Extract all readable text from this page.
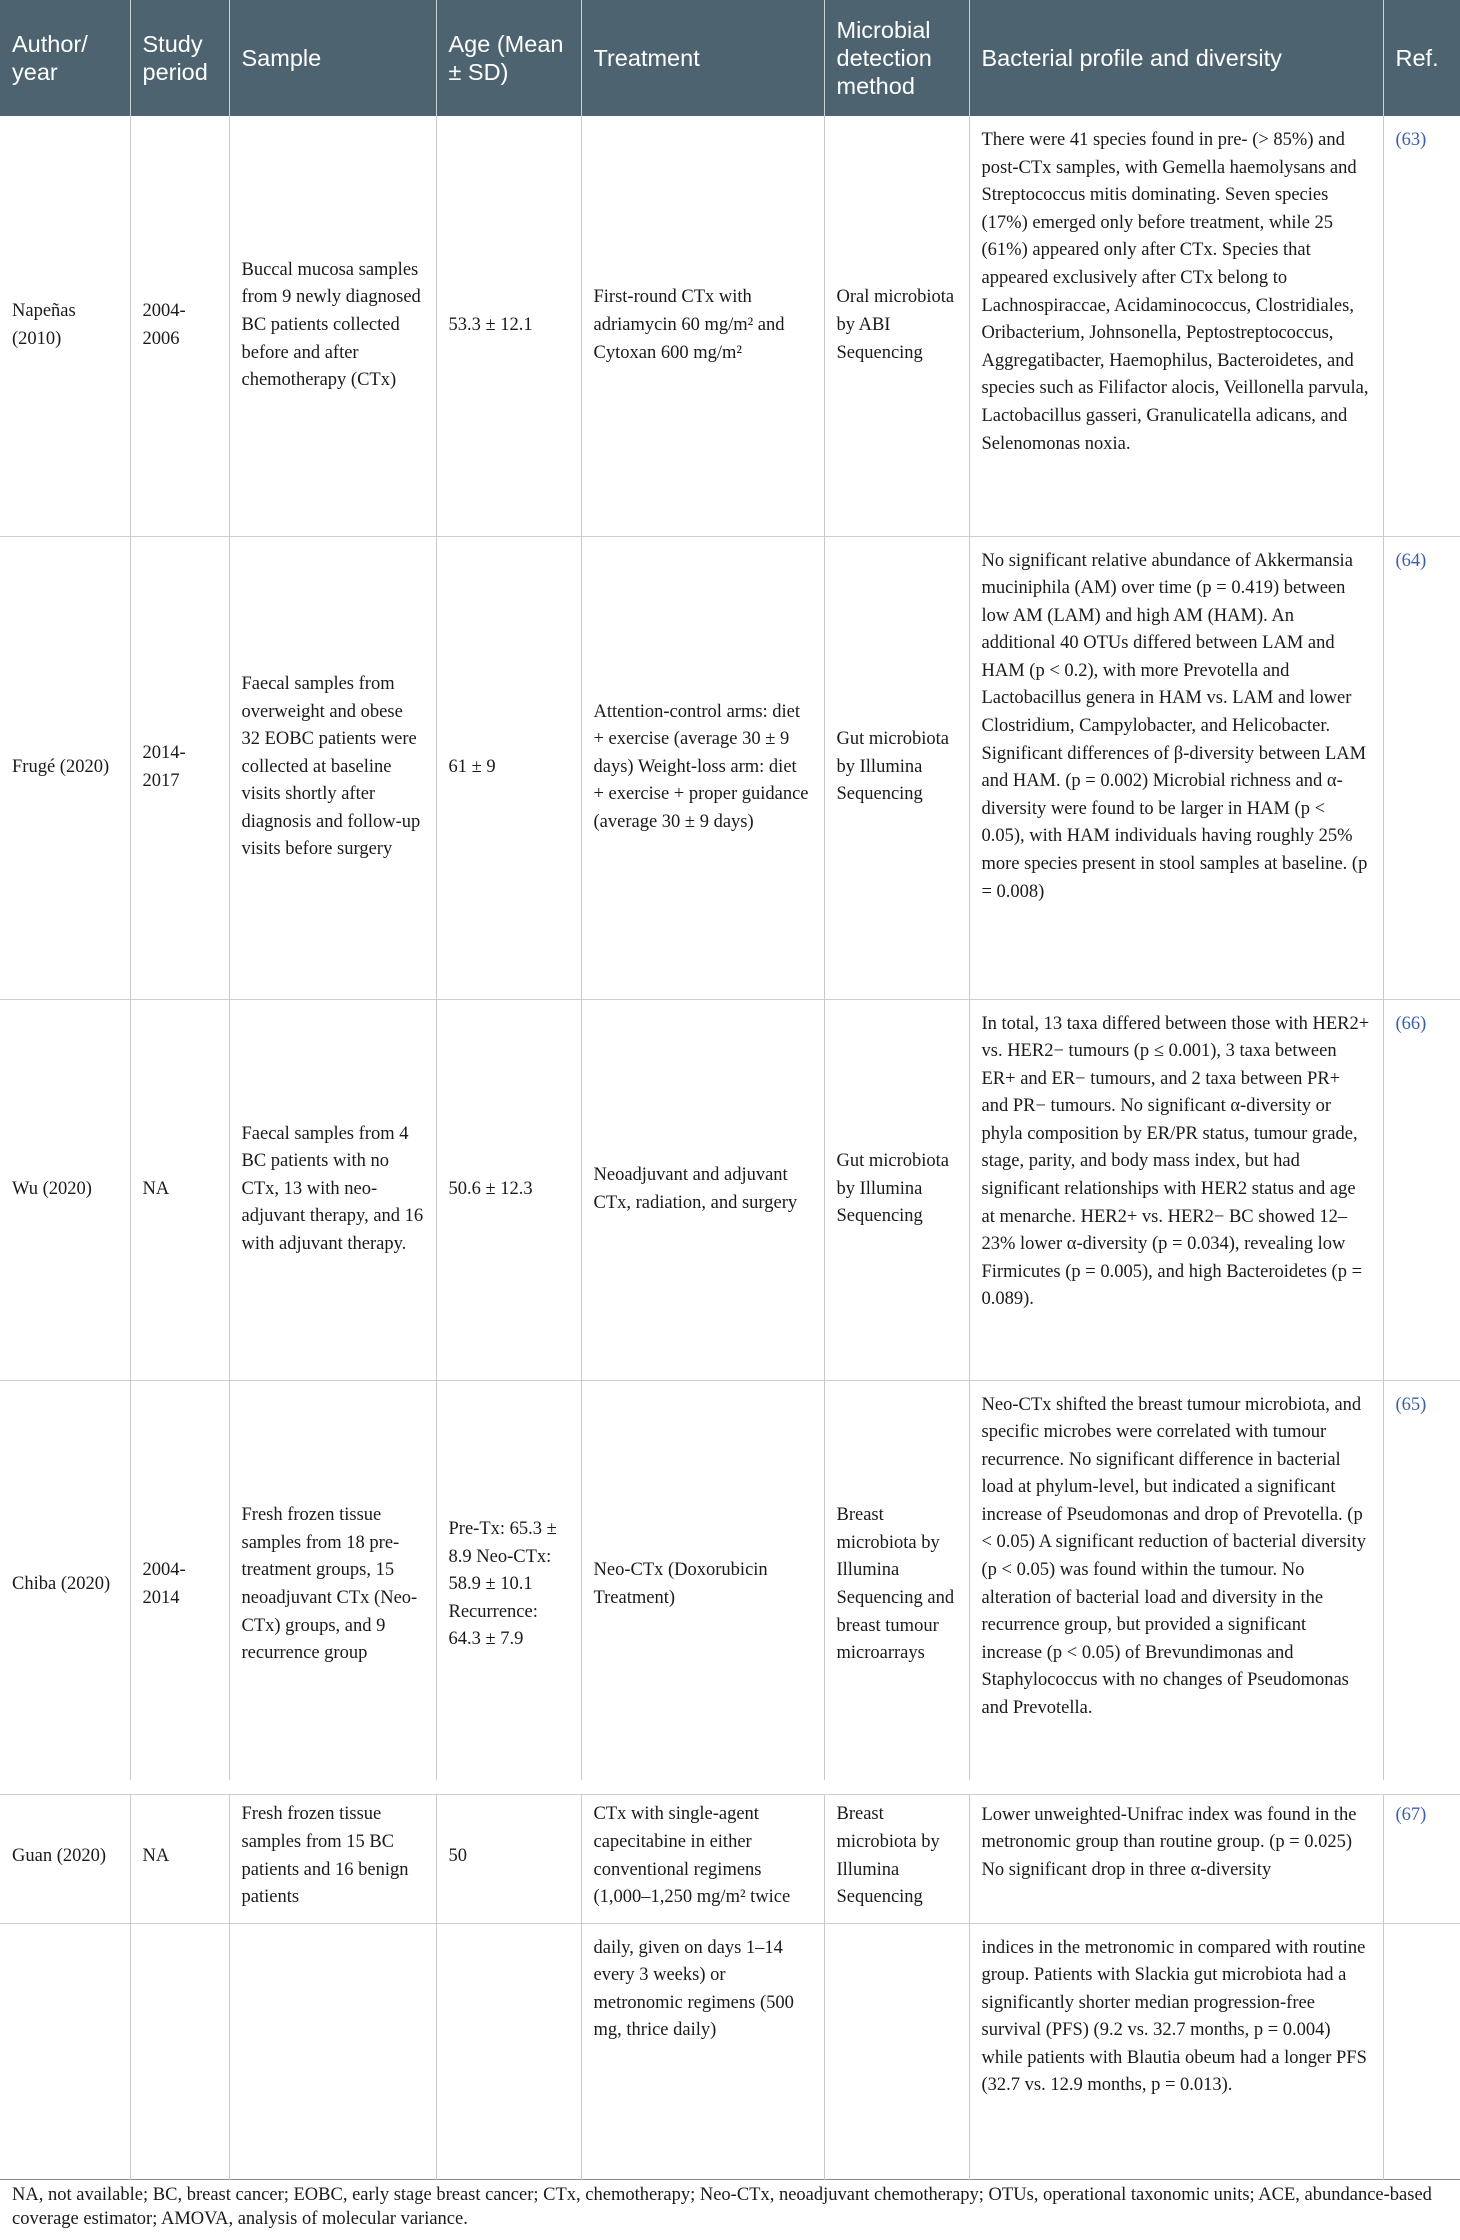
Author/ year	Study period	Sample	Age (Mean ± SD)	Treatment	Microbial detection method	Bacterial profile and diversity	Ref.
Napeñas (2010)	2004-2006	Buccal mucosa samples from 9 newly diagnosed BC patients collected before and after chemotherapy (CTx)	53.3 ± 12.1	First-round CTx with adriamycin 60 mg/m² and Cytoxan 600 mg/m²	Oral microbiota by ABI Sequencing	There were 41 species found in pre- (> 85%) and post-CTx samples, with Gemella haemolysans and Streptococcus mitis dominating. Seven species (17%) emerged only before treatment, while 25 (61%) appeared only after CTx. Species that appeared exclusively after CTx belong to Lachnospiraccae, Acidaminococcus, Clostridiales, Oribacterium, Johnsonella, Peptostreptococcus, Aggregatibacter, Haemophilus, Bacteroidetes, and species such as Filifactor alocis, Veillonella parvula, Lactobacillus gasseri, Granulicatella adicans, and Selenomonas noxia.	(63)
Frugé (2020)	2014-2017	Faecal samples from overweight and obese 32 EOBC patients were collected at baseline visits shortly after diagnosis and follow-up visits before surgery	61 ± 9	Attention-control arms: diet + exercise (average 30 ± 9 days) Weight-loss arm: diet + exercise + proper guidance (average 30 ± 9 days)	Gut microbiota by Illumina Sequencing	No significant relative abundance of Akkermansia muciniphila (AM) over time (p = 0.419) between low AM (LAM) and high AM (HAM). An additional 40 OTUs differed between LAM and HAM (p < 0.2), with more Prevotella and Lactobacillus genera in HAM vs. LAM and lower Clostridium, Campylobacter, and Helicobacter. Significant differences of β-diversity between LAM and HAM. (p = 0.002) Microbial richness and α-diversity were found to be larger in HAM (p < 0.05), with HAM individuals having roughly 25% more species present in stool samples at baseline. (p = 0.008)	(64)
Wu (2020)	NA	Faecal samples from 4 BC patients with no CTx, 13 with neo-adjuvant therapy, and 16 with adjuvant therapy.	50.6 ± 12.3	Neoadjuvant and adjuvant CTx, radiation, and surgery	Gut microbiota by Illumina Sequencing	In total, 13 taxa differed between those with HER2+ vs. HER2− tumours (p ≤ 0.001), 3 taxa between ER+ and ER− tumours, and 2 taxa between PR+ and PR− tumours. No significant α-diversity or phyla composition by ER/PR status, tumour grade, stage, parity, and body mass index, but had significant relationships with HER2 status and age at menarche. HER2+ vs. HER2− BC showed 12–23% lower α-diversity (p = 0.034), revealing low Firmicutes (p = 0.005), and high Bacteroidetes (p = 0.089).	(66)
Chiba (2020)	2004-2014	Fresh frozen tissue samples from 18 pre-treatment groups, 15 neoadjuvant CTx (Neo-CTx) groups, and 9 recurrence group	Pre-Tx: 65.3 ± 8.9 Neo-CTx: 58.9 ± 10.1 Recurrence: 64.3 ± 7.9	Neo-CTx (Doxorubicin Treatment)	Breast microbiota by Illumina Sequencing and breast tumour microarrays	Neo-CTx shifted the breast tumour microbiota, and specific microbes were correlated with tumour recurrence. No significant difference in bacterial load at phylum-level, but indicated a significant increase of Pseudomonas and drop of Prevotella. (p < 0.05) A significant reduction of bacterial diversity (p < 0.05) was found within the tumour. No alteration of bacterial load and diversity in the recurrence group, but provided a significant increase (p < 0.05) of Brevundimonas and Staphylococcus with no changes of Pseudomonas and Prevotella.	(65)
Guan (2020)	NA	Fresh frozen tissue samples from 15 BC patients and 16 benign patients	50	CTx with single-agent capecitabine in either conventional regimens (1,000–1,250 mg/m² twice	Breast microbiota by Illumina Sequencing	Lower unweighted-Unifrac index was found in the metronomic group than routine group. (p = 0.025) No significant drop in three α-diversity	(67)
				daily, given on days 1–14 every 3 weeks) or metronomic regimens (500 mg, thrice daily)		indices in the metronomic in compared with routine group. Patients with Slackia gut microbiota had a significantly shorter median progression-free survival (PFS) (9.2 vs. 32.7 months, p = 0.004) while patients with Blautia obeum had a longer PFS (32.7 vs. 12.9 months, p = 0.013).	
NA, not available; BC, breast cancer; EOBC, early stage breast cancer; CTx, chemotherapy; Neo-CTx, neoadjuvant chemotherapy; OTUs, operational taxonomic units; ACE, abundance-based coverage estimator; AMOVA, analysis of molecular variance.
